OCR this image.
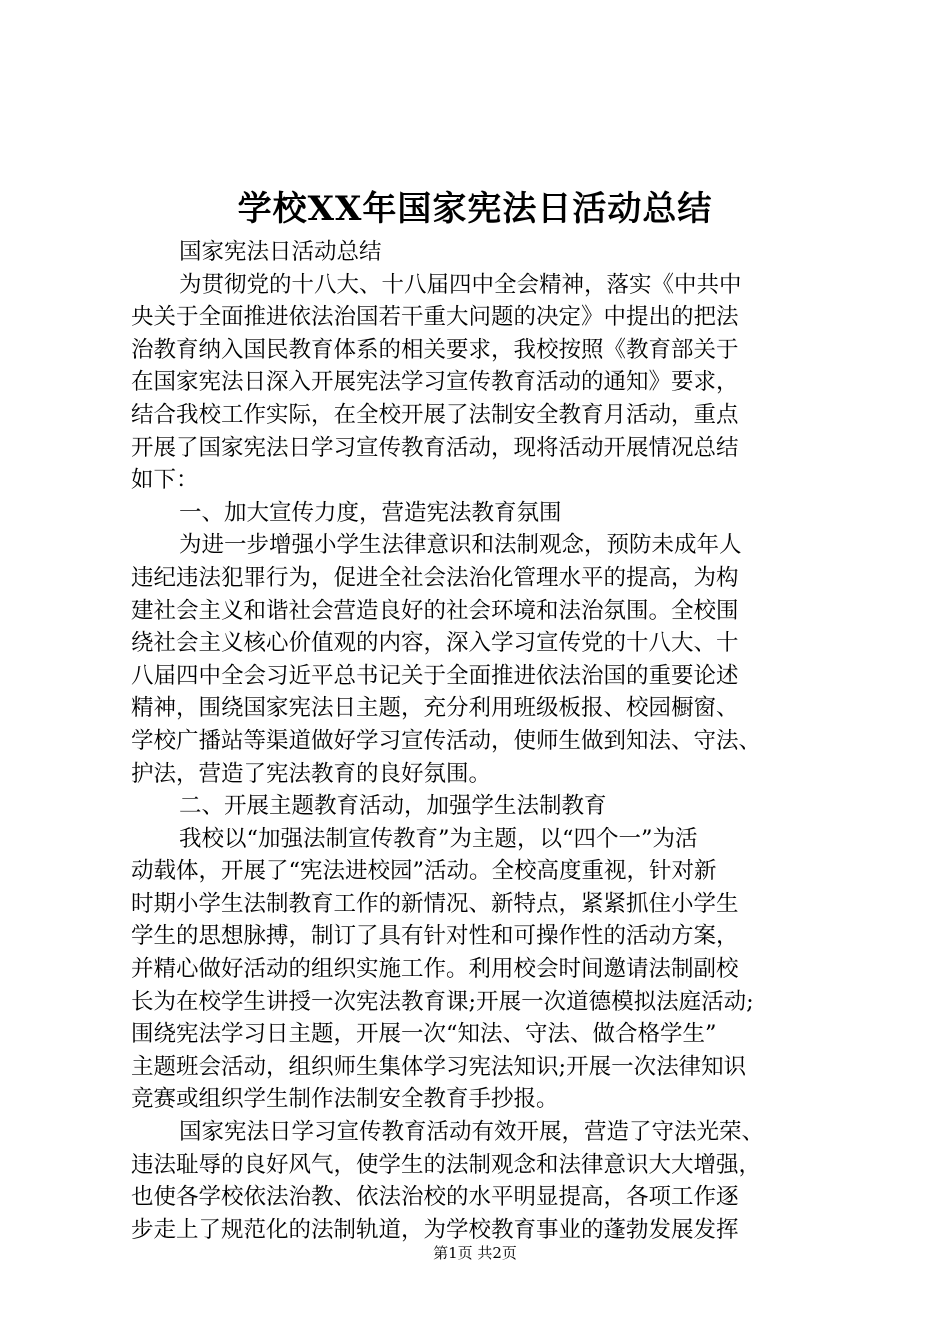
学校XX年国家宪法日活动总结
国家宪法日活动总结
为贯彻党的十八大、十八届四中全会精神，落实《中共中
央关于全面推进依法治国若干重大问题的决定》中提出的把法
治教育纳入国民教育体系的相关要求，我校按照《教育部关于
在国家宪法日深入开展宪法学习宣传教育活动的通知》要求，
结合我校工作实际，在全校开展了法制安全教育月活动，重点
开展了国家宪法日学习宣传教育活动，现将活动开展情况总结
如下：
一、加大宣传力度，营造宪法教育氛围
为进一步增强小学生法律意识和法制观念，预防未成年人
违纪违法犯罪行为，促进全社会法治化管理水平的提高，为构
建社会主义和谐社会营造良好的社会环境和法治氛围。全校围
绕社会主义核心价值观的内容，深入学习宣传党的十八大、十
八届四中全会习近平总书记关于全面推进依法治国的重要论述
精神，围绕国家宪法日主题，充分利用班级板报、校园橱窗、
学校广播站等渠道做好学习宣传活动，使师生做到知法、守法、
护法，营造了宪法教育的良好氛围。
二、开展主题教育活动，加强学生法制教育
我校以“加强法制宣传教育”为主题，以“四个一”为活
动载体，开展了“宪法进校园”活动。全校高度重视，针对新
时期小学生法制教育工作的新情况、新特点，紧紧抓住小学生
学生的思想脉搏，制订了具有针对性和可操作性的活动方案，
并精心做好活动的组织实施工作。利用校会时间邀请法制副校
长为在校学生讲授一次宪法教育课;开展一次道德模拟法庭活动;
围绕宪法学习日主题，开展一次“知法、守法、做合格学生”
主题班会活动，组织师生集体学习宪法知识;开展一次法律知识
竞赛或组织学生制作法制安全教育手抄报。
国家宪法日学习宣传教育活动有效开展，营造了守法光荣、
违法耻辱的良好风气，使学生的法制观念和法律意识大大增强，
也使各学校依法治教、依法治校的水平明显提高，各项工作逐
步走上了规范化的法制轨道，为学校教育事业的蓬勃发展发挥
第1页 共2页
